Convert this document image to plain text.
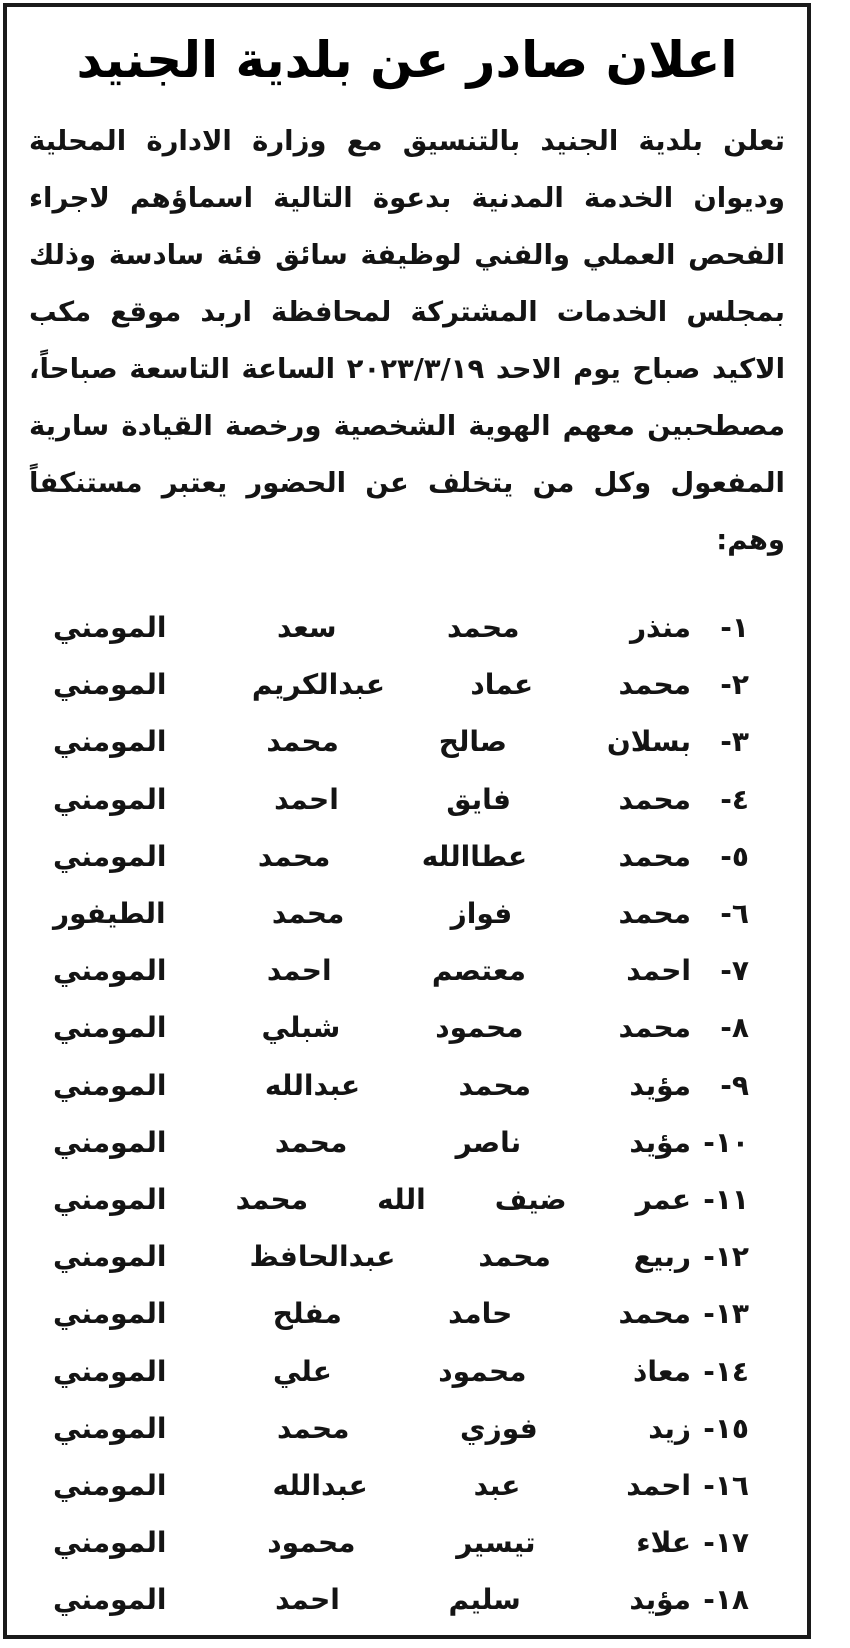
اعلان صادر عن بلدية الجنيد

تعلن بلدية الجنيد بالتنسيق مع وزارة الادارة المحلية وديوان الخدمة المدنية بدعوة التالية اسماؤهم لاجراء الفحص العملي والفني لوظيفة سائق فئة سادسة وذلك بمجلس الخدمات المشتركة لمحافظة اربد موقع مكب الاكيد صباح يوم الاحد ٢٠٢٣/٣/١٩ الساعة التاسعة صباحاً، مصطحبين معهم الهوية الشخصية ورخصة القيادة سارية المفعول وكل من يتخلف عن الحضور يعتبر مستنكفاً وهم:

١-
منذر محمد سعد المومني
٢-
محمد عماد عبدالكريم المومني
٣-
بسلان صالح محمد المومني
٤-
محمد فايق احمد المومني
٥-
محمد عطاالله محمد المومني
٦-
محمد فواز محمد الطيفور
٧-
احمد معتصم احمد المومني
٨-
محمد محمود شبلي المومني
٩-
مؤيد محمد عبدالله المومني
١٠-
مؤيد ناصر محمد المومني
١١-
عمر ضيف الله محمد المومني
١٢-
ربيع محمد عبدالحافظ المومني
١٣-
محمد حامد مفلح المومني
١٤-
معاذ محمود علي المومني
١٥-
زيد فوزي محمد المومني
١٦-
احمد عبد عبدالله المومني
١٧-
علاء تيسير محمود المومني
١٨-
مؤيد سليم احمد المومني
